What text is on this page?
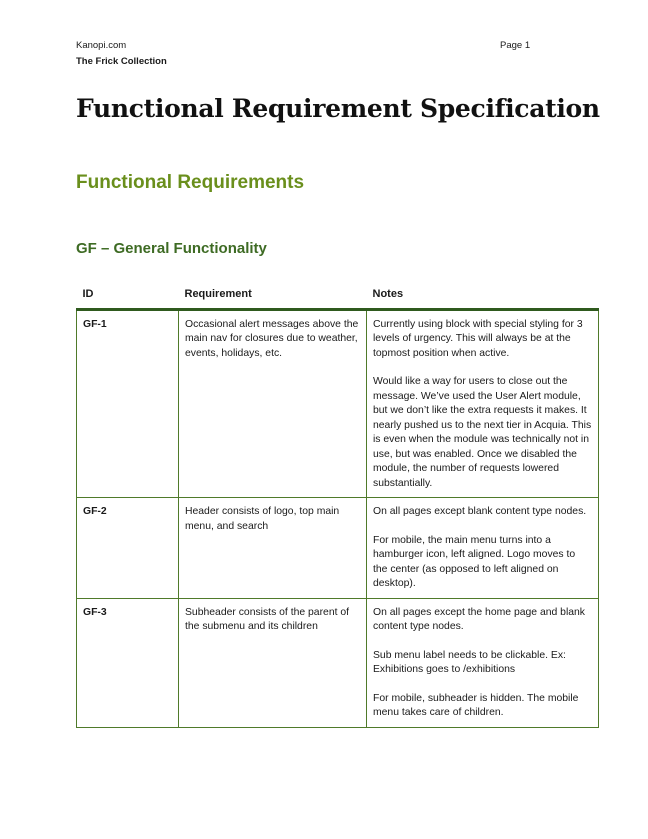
Kanopi.com
The Frick Collection
Page 1
Functional Requirement Specification
Functional Requirements
GF – General Functionality
ID	Requirement	Notes
GF-1	Occasional alert messages above the main nav for closures due to weather, events, holidays, etc.	Currently using block with special styling for 3 levels of urgency. This will always be at the topmost position when active.

Would like a way for users to close out the message. We’ve used the User Alert module, but we don’t like the extra requests it makes. It nearly pushed us to the next tier in Acquia. This is even when the module was technically not in use, but was enabled. Once we disabled the module, the number of requests lowered substantially.

GF-2	Header consists of logo, top main menu, and search	On all pages except blank content type nodes.

For mobile, the main menu turns into a hamburger icon, left aligned. Logo moves to the center (as opposed to left aligned on desktop).

GF-3	Subheader consists of the parent of the submenu and its children	On all pages except the home page and blank content type nodes.

Sub menu label needs to be clickable. Ex: Exhibitions goes to /exhibitions

For mobile, subheader is hidden. The mobile menu takes care of children.
